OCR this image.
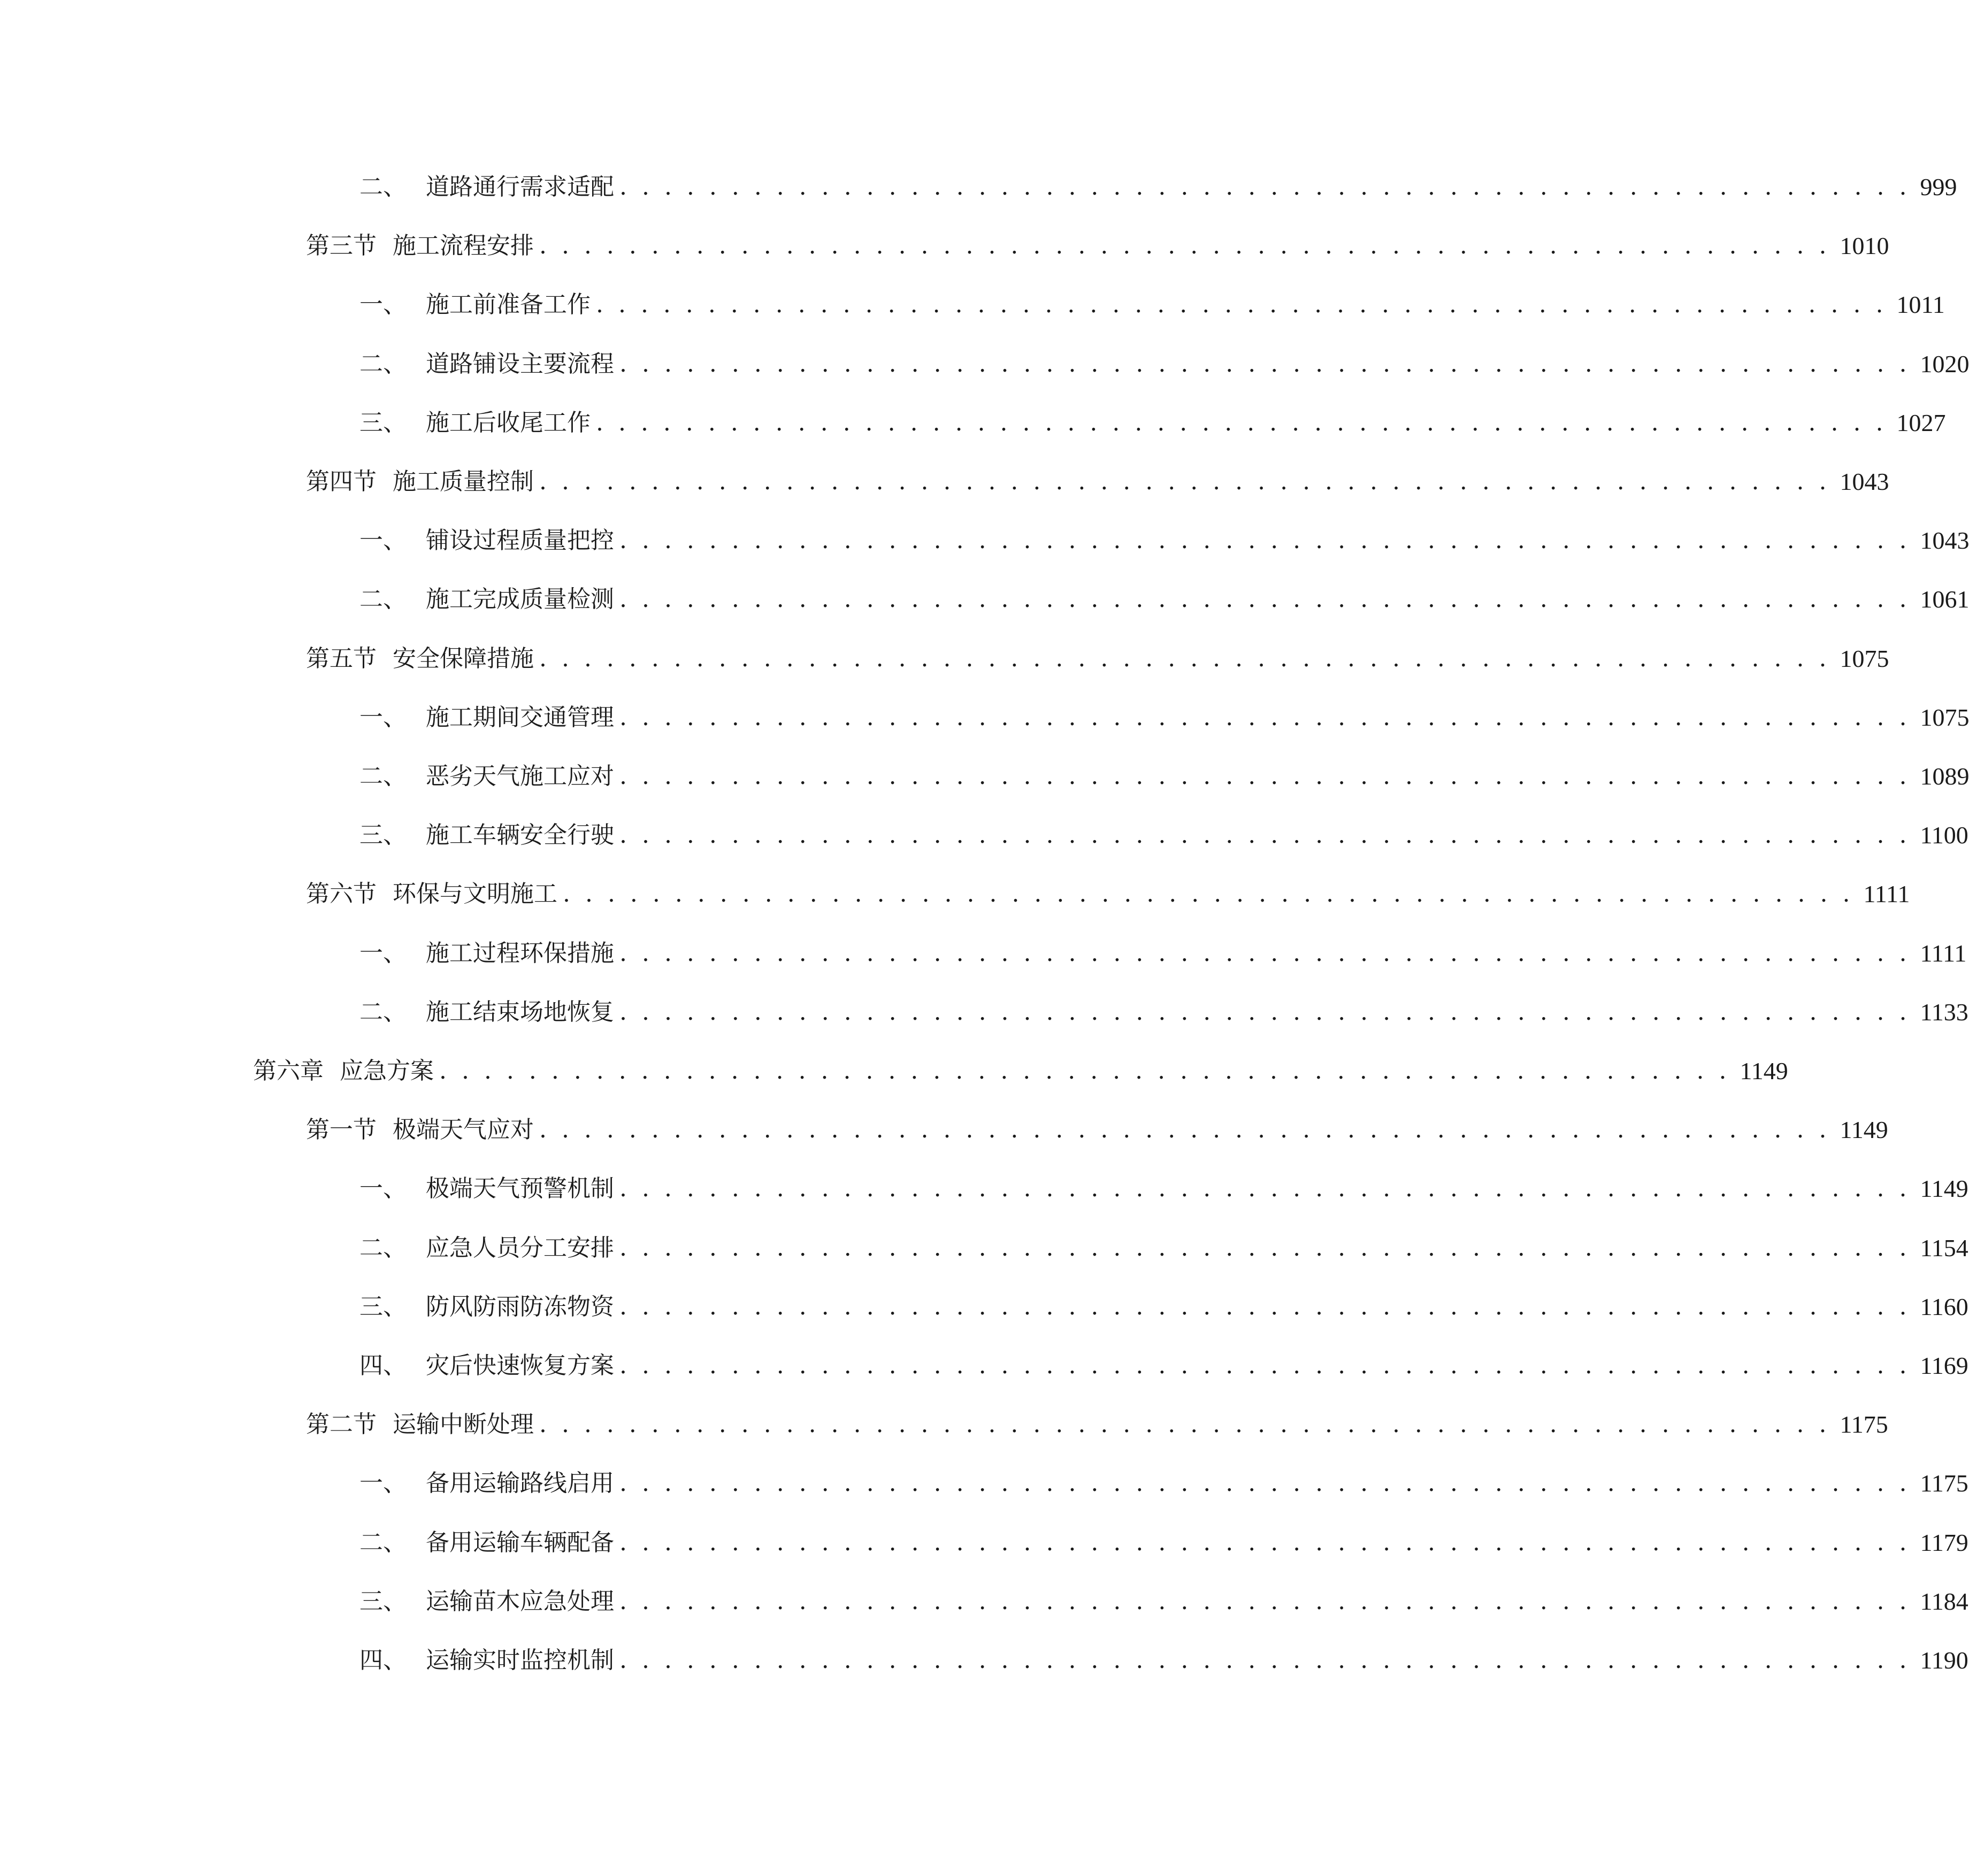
二、 道路通行需求适配 . . . . . . . . . . . . . . . . . . . . . . . . . . . . . . . . . . . . . . . . . . . . . . . . . . . . . . . . . . 999
第三节 施工流程安排 . . . . . . . . . . . . . . . . . . . . . . . . . . . . . . . . . . . . . . . . . . . . . . . . . . . . . . . . . . 1010
一、 施工前准备工作 . . . . . . . . . . . . . . . . . . . . . . . . . . . . . . . . . . . . . . . . . . . . . . . . . . . . . . . . . . 1011
二、 道路铺设主要流程 . . . . . . . . . . . . . . . . . . . . . . . . . . . . . . . . . . . . . . . . . . . . . . . . . . . . . . . . . . 1020
三、 施工后收尾工作 . . . . . . . . . . . . . . . . . . . . . . . . . . . . . . . . . . . . . . . . . . . . . . . . . . . . . . . . . . 1027
第四节 施工质量控制 . . . . . . . . . . . . . . . . . . . . . . . . . . . . . . . . . . . . . . . . . . . . . . . . . . . . . . . . . . 1043
一、 铺设过程质量把控 . . . . . . . . . . . . . . . . . . . . . . . . . . . . . . . . . . . . . . . . . . . . . . . . . . . . . . . . . . 1043
二、 施工完成质量检测 . . . . . . . . . . . . . . . . . . . . . . . . . . . . . . . . . . . . . . . . . . . . . . . . . . . . . . . . . . 1061
第五节 安全保障措施 . . . . . . . . . . . . . . . . . . . . . . . . . . . . . . . . . . . . . . . . . . . . . . . . . . . . . . . . . . 1075
一、 施工期间交通管理 . . . . . . . . . . . . . . . . . . . . . . . . . . . . . . . . . . . . . . . . . . . . . . . . . . . . . . . . . . 1075
二、 恶劣天气施工应对 . . . . . . . . . . . . . . . . . . . . . . . . . . . . . . . . . . . . . . . . . . . . . . . . . . . . . . . . . . 1089
三、 施工车辆安全行驶 . . . . . . . . . . . . . . . . . . . . . . . . . . . . . . . . . . . . . . . . . . . . . . . . . . . . . . . . . . 1100
第六节 环保与文明施工 . . . . . . . . . . . . . . . . . . . . . . . . . . . . . . . . . . . . . . . . . . . . . . . . . . . . . . . . . . 1111
一、 施工过程环保措施 . . . . . . . . . . . . . . . . . . . . . . . . . . . . . . . . . . . . . . . . . . . . . . . . . . . . . . . . . . 1111
二、 施工结束场地恢复 . . . . . . . . . . . . . . . . . . . . . . . . . . . . . . . . . . . . . . . . . . . . . . . . . . . . . . . . . . 1133
第六章 应急方案 . . . . . . . . . . . . . . . . . . . . . . . . . . . . . . . . . . . . . . . . . . . . . . . . . . . . . . . . . . 1149
第一节 极端天气应对 . . . . . . . . . . . . . . . . . . . . . . . . . . . . . . . . . . . . . . . . . . . . . . . . . . . . . . . . . . 1149
一、 极端天气预警机制 . . . . . . . . . . . . . . . . . . . . . . . . . . . . . . . . . . . . . . . . . . . . . . . . . . . . . . . . . . 1149
二、 应急人员分工安排 . . . . . . . . . . . . . . . . . . . . . . . . . . . . . . . . . . . . . . . . . . . . . . . . . . . . . . . . . . 1154
三、 防风防雨防冻物资 . . . . . . . . . . . . . . . . . . . . . . . . . . . . . . . . . . . . . . . . . . . . . . . . . . . . . . . . . . 1160
四、 灾后快速恢复方案 . . . . . . . . . . . . . . . . . . . . . . . . . . . . . . . . . . . . . . . . . . . . . . . . . . . . . . . . . . 1169
第二节 运输中断处理 . . . . . . . . . . . . . . . . . . . . . . . . . . . . . . . . . . . . . . . . . . . . . . . . . . . . . . . . . . 1175
一、 备用运输路线启用 . . . . . . . . . . . . . . . . . . . . . . . . . . . . . . . . . . . . . . . . . . . . . . . . . . . . . . . . . . 1175
二、 备用运输车辆配备 . . . . . . . . . . . . . . . . . . . . . . . . . . . . . . . . . . . . . . . . . . . . . . . . . . . . . . . . . . 1179
三、 运输苗木应急处理 . . . . . . . . . . . . . . . . . . . . . . . . . . . . . . . . . . . . . . . . . . . . . . . . . . . . . . . . . . 1184
四、 运输实时监控机制 . . . . . . . . . . . . . . . . . . . . . . . . . . . . . . . . . . . . . . . . . . . . . . . . . . . . . . . . . . 1190
